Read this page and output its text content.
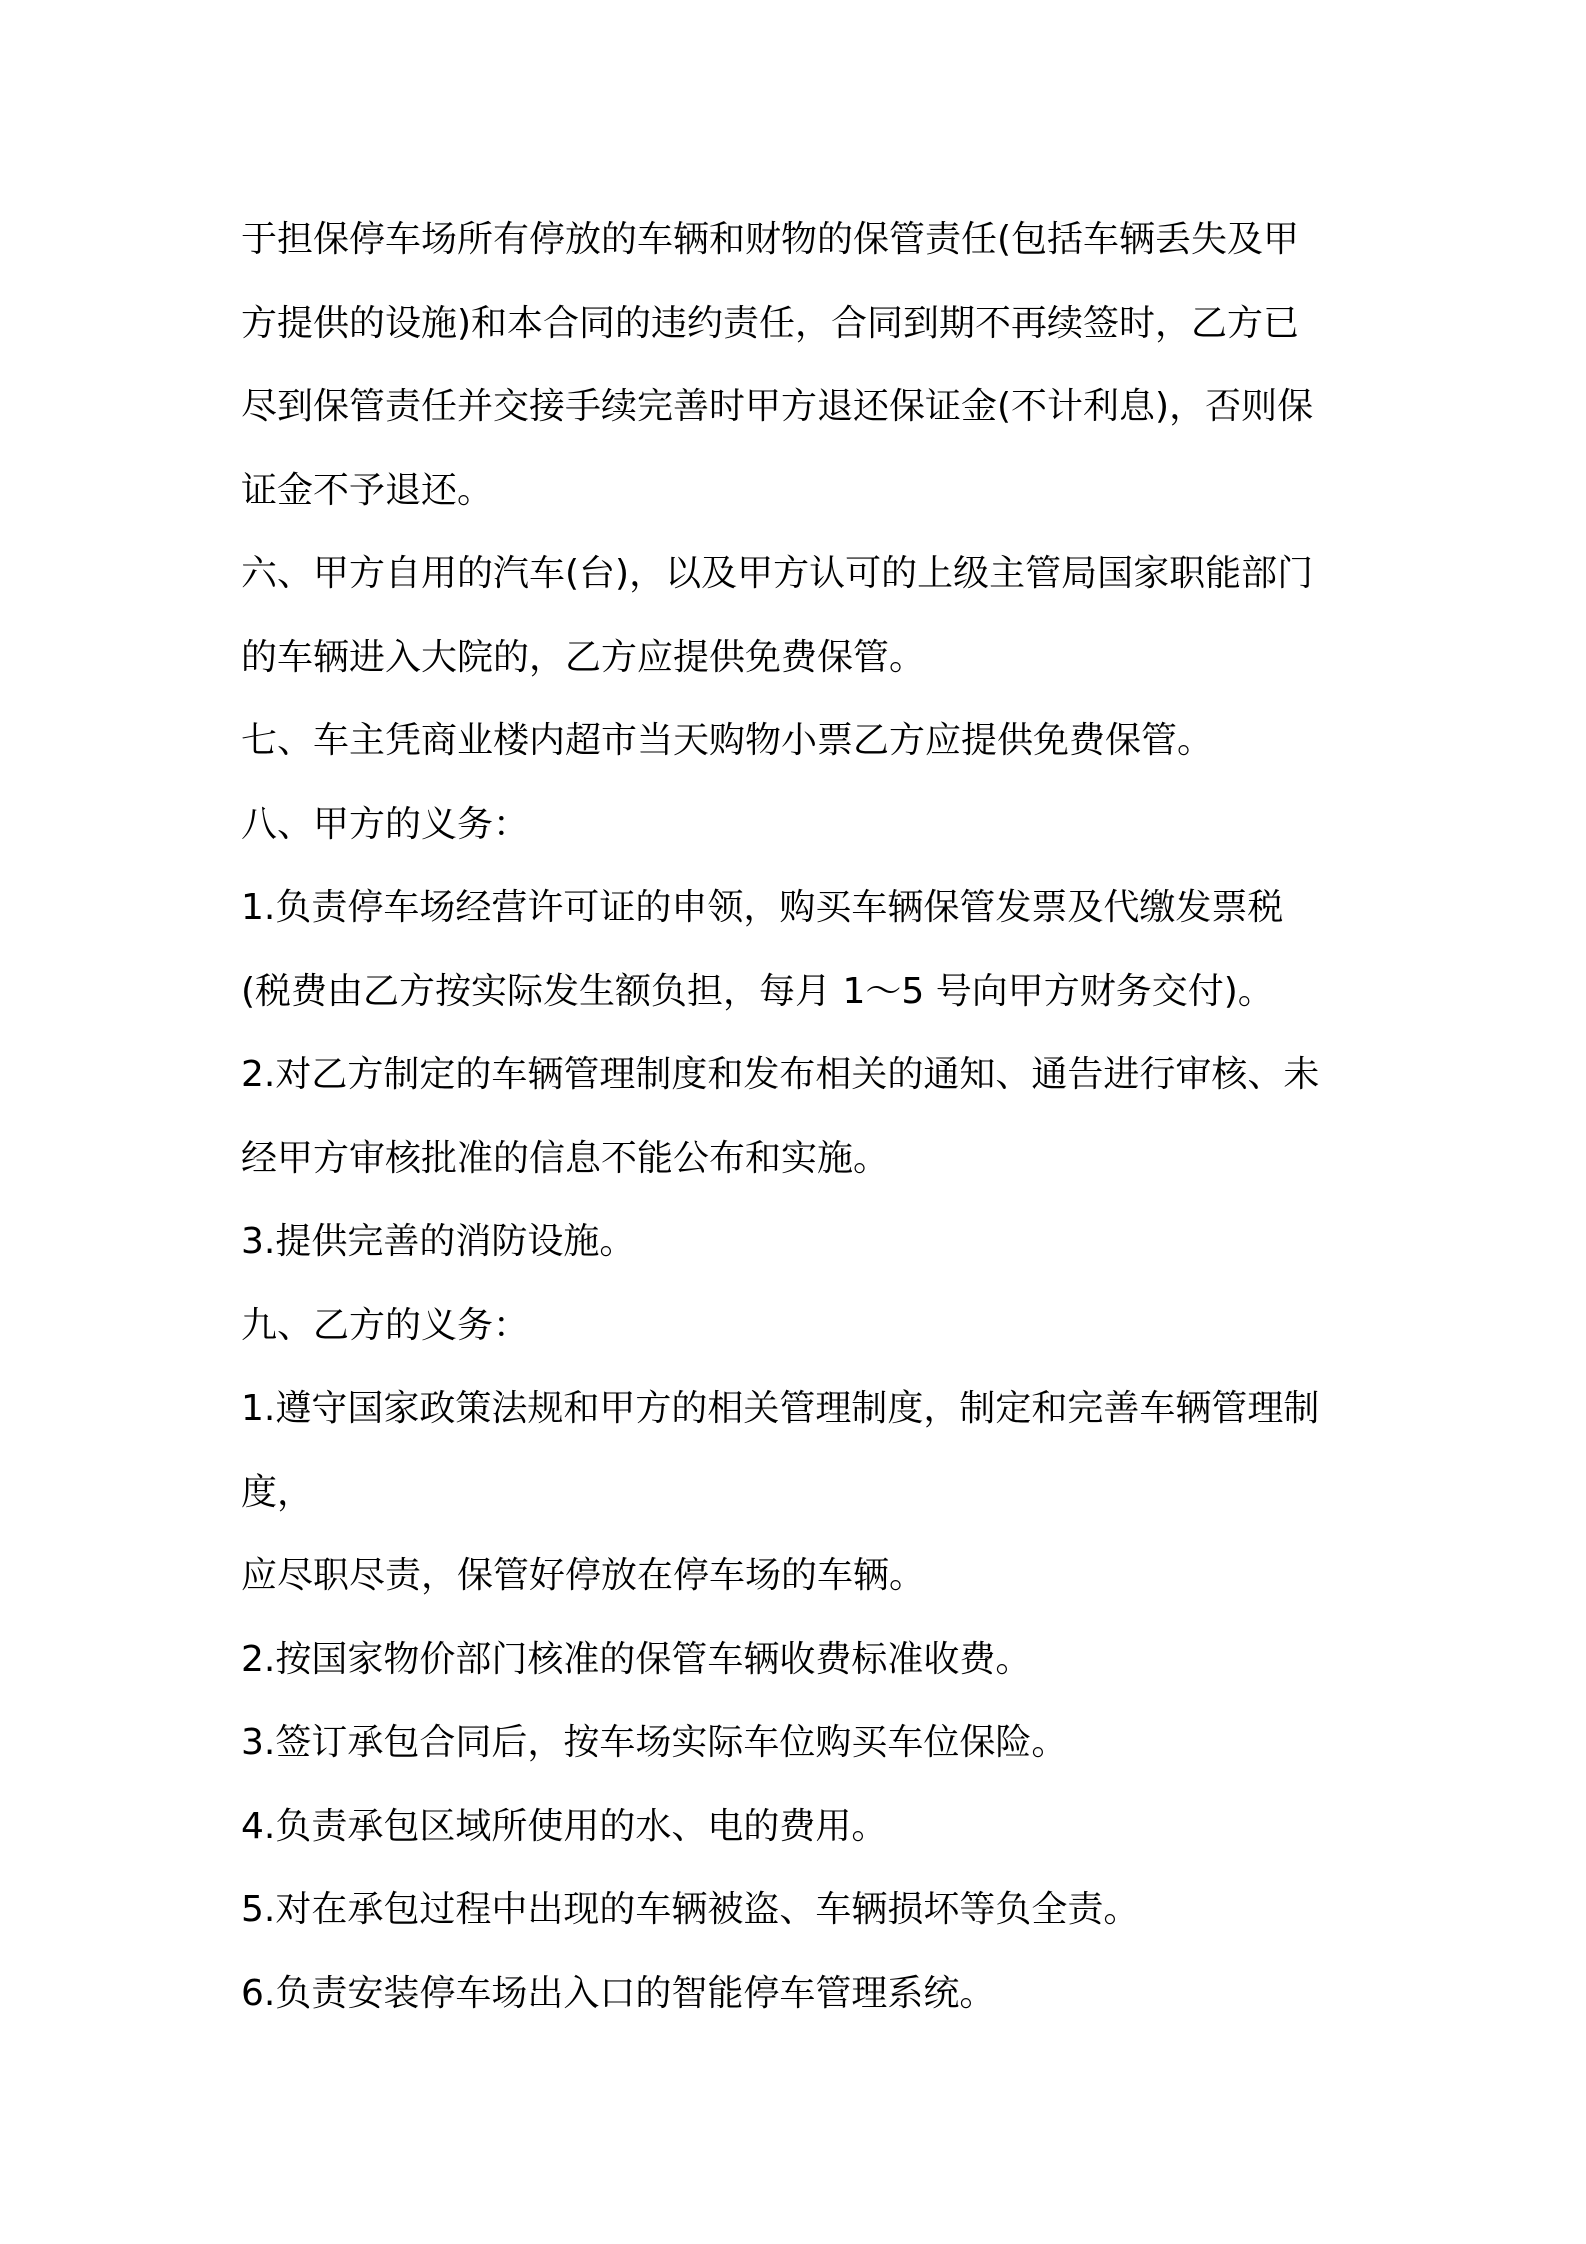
于担保停车场所有停放的车辆和财物的保管责任(包括车辆丢失及甲
方提供的设施)和本合同的违约责任，合同到期不再续签时，乙方已
尽到保管责任并交接手续完善时甲方退还保证金(不计利息)，否则保
证金不予退还。
六、甲方自用的汽车(台)，以及甲方认可的上级主管局国家职能部门
的车辆进入大院的，乙方应提供免费保管。
七、车主凭商业楼内超市当天购物小票乙方应提供免费保管。
八、甲方的义务：
1.负责停车场经营许可证的申领，购买车辆保管发票及代缴发票税
(税费由乙方按实际发生额负担，每月 1～5 号向甲方财务交付)。
2.对乙方制定的车辆管理制度和发布相关的通知、通告进行审核、未
经甲方审核批准的信息不能公布和实施。
3.提供完善的消防设施。
九、乙方的义务：
1.遵守国家政策法规和甲方的相关管理制度，制定和完善车辆管理制
度，
应尽职尽责，保管好停放在停车场的车辆。
2.按国家物价部门核准的保管车辆收费标准收费。
3.签订承包合同后，按车场实际车位购买车位保险。
4.负责承包区域所使用的水、电的费用。
5.对在承包过程中出现的车辆被盗、车辆损坏等负全责。
6.负责安装停车场出入口的智能停车管理系统。
